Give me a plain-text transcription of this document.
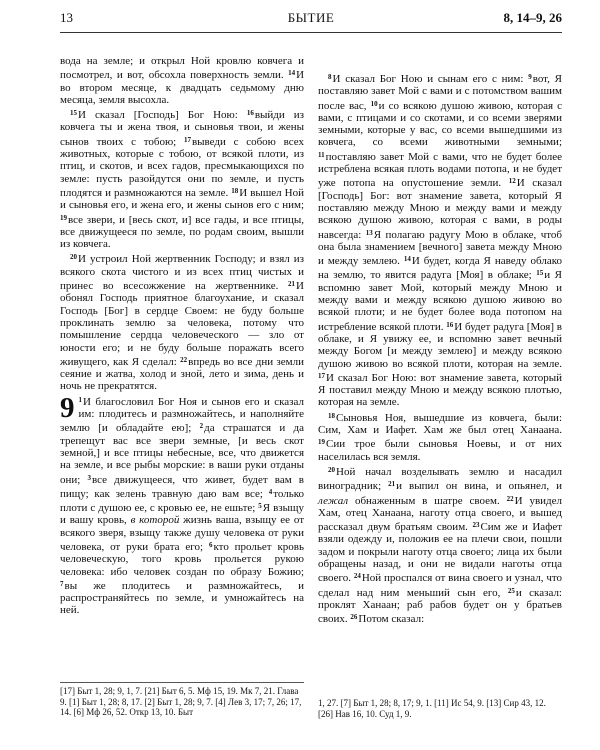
13	БЫТИЕ	8, 14–9, 26

вода на земле; и открыл Ной кровлю ковчега и посмотрел, и вот, обсохла поверхность земли. $^{14}$И во втором месяце, к двадцать седьмому дню месяца, земля высохла.

$^{15}$И сказал [Господь] Бог Ною: $^{16}$выйди из ковчега ты и жена твоя, и сыновья твои, и жены сынов твоих с тобою; $^{17}$выведи с собою всех животных, которые с тобою, от всякой плоти, из птиц, и скотов, и всех гадов, пресмыкающихся по земле: пусть разойдутся они по земле, и пусть плодятся и размножаются на земле. $^{18}$И вышел Ной и сыновья его, и жена его, и жены сынов его с ним; $^{19}$все звери, и [весь скот, и] все гады, и все птицы, все движущееся по земле, по родам своим, вышли из ковчега.

$^{20}$И устроил Ной жертвенник Господу; и взял из всякого скота чистого и из всех птиц чистых и принес во всесожжение на жертвеннике. $^{21}$И обонял Господь приятное благоухание, и сказал Господь [Бог] в сердце Своем: не буду больше проклинать землю за человека, потому что помышление сердца человеческого — зло от юности его; и не буду больше поражать всего живущего, как Я сделал: $^{22}$впредь во все дни земли сеяние и жатва, холод и зной, лето и зима, день и ночь не прекратятся.

9 $^1$И благословил Бог Ноя и сынов его и сказал им: плодитесь и размножайтесь, и наполняйте землю [и обладайте ею]; $^2$да страшатся и да трепещут вас все звери земные, [и весь скот земной,] и все птицы небесные, все, что движется на земле, и все рыбы морские: в ваши руки отданы они; $^3$все движущееся, что живет, будет вам в пищу; как зелень травную даю вам все; $^4$только плоти с душою ее, с кровью ее, не ешьте; $^5$Я взыщу и вашу кровь, в которой жизнь ваша, взыщу ее от всякого зверя, взыщу также душу человека от руки человека, от руки брата его; $^6$кто прольет кровь человеческую, того кровь прольется рукою человека: ибо человек создан по образу Божию; $^7$вы же плодитесь и размножайтесь, и распространяйтесь по земле, и умножайтесь на ней.

$^8$И сказал Бог Ною и сынам его с ним: $^9$вот, Я поставляю завет Мой с вами и с потомством вашим после вас, $^{10}$и со всякою душою живою, которая с вами, с птицами и со скотами, и со всеми зверями земными, которые у вас, со всеми вышедшими из ковчега, со всеми животными земными; $^{11}$поставляю завет Мой с вами, что не будет более истреблена всякая плоть водами потопа, и не будет уже потопа на опустошение земли. $^{12}$И сказал [Господь] Бог: вот знамение завета, который Я поставляю между Мною и между вами и между всякою душою живою, которая с вами, в роды навсегда: $^{13}$Я полагаю радугу Мою в облаке, чтоб она была знамением [вечного] завета между Мною и между землею. $^{14}$И будет, когда Я наведу облако на землю, то явится радуга [Моя] в облаке; $^{15}$и Я вспомню завет Мой, который между Мною и между вами и между всякою душою живою во всякой плоти; и не будет более вода потопом на истребление всякой плоти. $^{16}$И будет радуга [Моя] в облаке, и Я увижу ее, и вспомню завет вечный между Богом [и между землею] и между всякою душою живою во всякой плоти, которая на земле. $^{17}$И сказал Бог Ною: вот знамение завета, который Я поставил между Мною и между всякою плотью, которая на земле.

$^{18}$Сыновья Ноя, вышедшие из ковчега, были: Сим, Хам и Иафет. Хам же был отец Ханаана. $^{19}$Сии трое были сыновья Ноевы, и от них населилась вся земля.

$^{20}$Ной начал возделывать землю и насадил виноградник; $^{21}$и выпил он вина, и опьянел, и лежал обнаженным в шатре своем. $^{22}$И увидел Хам, отец Ханаана, наготу отца своего, и вышед рассказал двум братьям своим. $^{23}$Сим же и Иафет взяли одежду и, положив ее на плечи свои, пошли задом и покрыли наготу отца своего; лица их были обращены назад, и они не видали наготы отца своего. $^{24}$Ной проспался от вина своего и узнал, что сделал над ним меньший сын его, $^{25}$и сказал: проклят Ханаан; раб рабов будет он у братьев своих. $^{26}$Потом сказал:

[17] Быт 1, 28; 9, 1, 7. [21] Быт 6, 5. Мф 15, 19. Мк 7, 21. Глава 9. [1] Быт 1, 28; 8, 17. [2] Быт 1, 28; 9, 7. [4] Лев 3, 17; 7, 26; 17, 14. [6] Мф 26, 52. Откр 13, 10. Быт
1, 27. [7] Быт 1, 28; 8, 17; 9, 1. [11] Ис 54, 9. [13] Сир 43, 12. [26] Нав 16, 10. Суд 1, 9.
